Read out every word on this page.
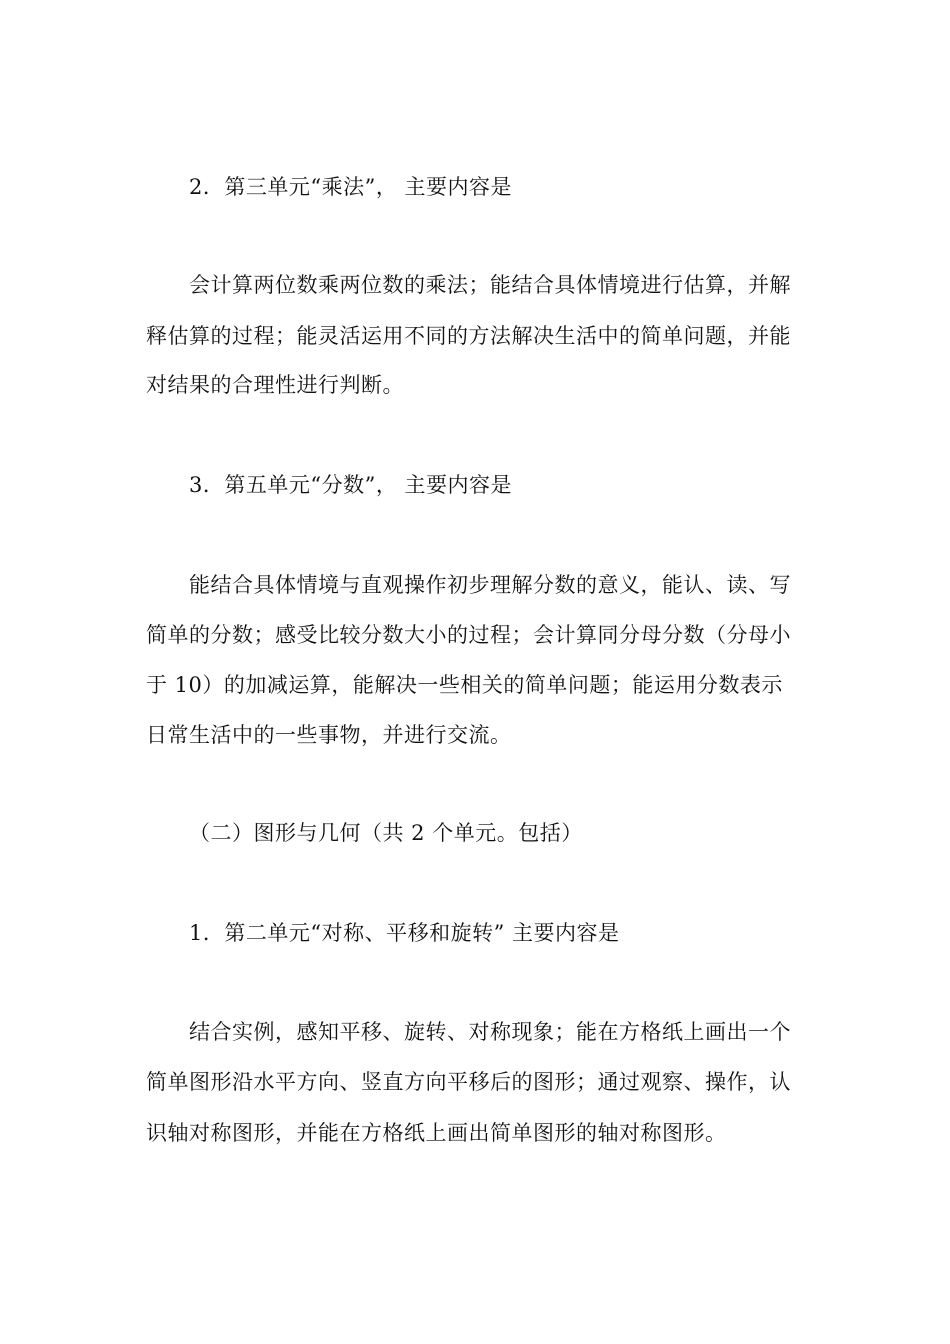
2．第三单元“乘法”， 主要内容是
会计算两位数乘两位数的乘法；能结合具体情境进行估算，并解
释估算的过程；能灵活运用不同的方法解决生活中的简单问题，并能
对结果的合理性进行判断。
3．第五单元“分数”， 主要内容是
能结合具体情境与直观操作初步理解分数的意义，能认、读、写
简单的分数；感受比较分数大小的过程；会计算同分母分数（分母小
于 10）的加减运算，能解决一些相关的简单问题；能运用分数表示
日常生活中的一些事物，并进行交流。
（二）图形与几何（共 2 个单元。包括）
1．第二单元“对称、平移和旋转” 主要内容是
结合实例，感知平移、旋转、对称现象；能在方格纸上画出一个
简单图形沿水平方向、竖直方向平移后的图形；通过观察、操作，认
识轴对称图形，并能在方格纸上画出简单图形的轴对称图形。
